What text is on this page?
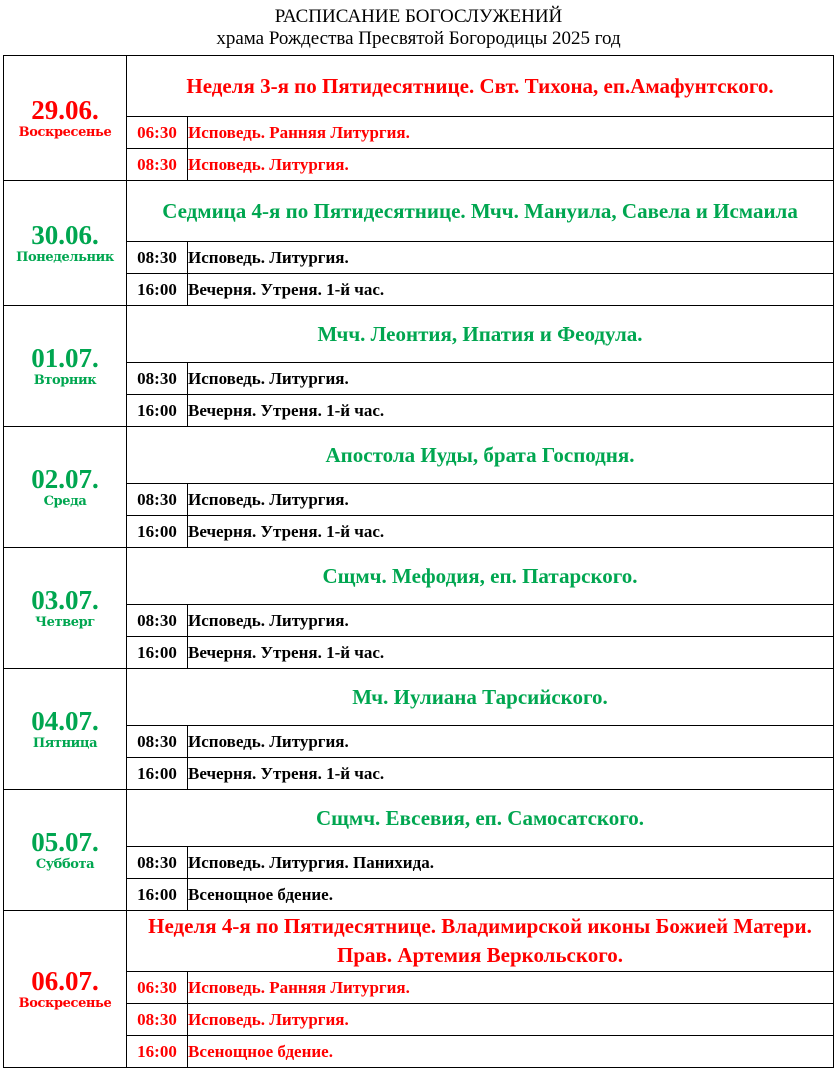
РАСПИСАНИЕ БОГОСЛУЖЕНИЙ
храма Рождества Пресвятой Богородицы 2025 год
29.06.
Воскресенье	Неделя 3-я по Пятидесятнице. Свт. Тихона, еп.Амафунтского.	
	06:30	Исповедь. Ранняя Литургия.
	08:30	Исповедь. Литургия.

30.06.
Понедельник	Седмица 4-я по Пятидесятнице. Мчч. Мануила, Савела и Исмаила	
	08:30	Исповедь. Литургия.
	16:00	Вечерня. Утреня. 1-й час.

01.07.
Вторник	Мчч. Леонтия, Ипатия и Феодула.	
	08:30	Исповедь. Литургия.
	16:00	Вечерня. Утреня. 1-й час.

02.07.
Среда	Апостола Иуды, брата Господня.	
	08:30	Исповедь. Литургия.
	16:00	Вечерня. Утреня. 1-й час.

03.07.
Четверг	Сщмч. Мефодия, еп. Патарского.	
	08:30	Исповедь. Литургия.
	16:00	Вечерня. Утреня. 1-й час.

04.07.
Пятница	Мч. Иулиана Тарсийского.	
	08:30	Исповедь. Литургия.
	16:00	Вечерня. Утреня. 1-й час.

05.07.
Суббота	Сщмч. Евсевия, еп. Самосатского.	
	08:30	Исповедь. Литургия. Панихида.
	16:00	Всенощное бдение.

06.07.
Воскресенье	Неделя 4-я по Пятидесятнице. Владимирской иконы Божией Матери. Прав. Артемия Веркольского.	
	06:30	Исповедь. Ранняя Литургия.
	08:30	Исповедь. Литургия.
	16:00	Всенощное бдение.
